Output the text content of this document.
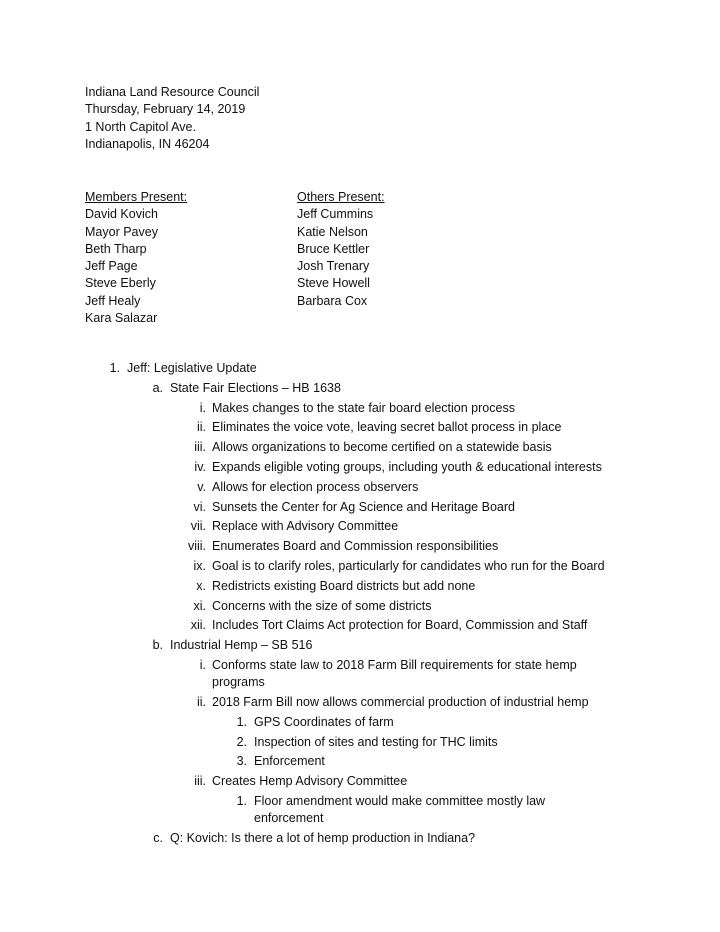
Indiana Land Resource Council
Thursday, February 14, 2019
1 North Capitol Ave.
Indianapolis, IN 46204
Members Present:
David Kovich
Mayor Pavey
Beth Tharp
Jeff Page
Steve Eberly
Jeff Healy
Kara Salazar
Others Present:
Jeff Cummins
Katie Nelson
Bruce Kettler
Josh Trenary
Steve Howell
Barbara Cox
1. Jeff: Legislative Update
a. State Fair Elections – HB 1638
i. Makes changes to the state fair board election process
ii. Eliminates the voice vote, leaving secret ballot process in place
iii. Allows organizations to become certified on a statewide basis
iv. Expands eligible voting groups, including youth & educational interests
v. Allows for election process observers
vi. Sunsets the Center for Ag Science and Heritage Board
vii. Replace with Advisory Committee
viii. Enumerates Board and Commission responsibilities
ix. Goal is to clarify roles, particularly for candidates who run for the Board
x. Redistricts existing Board districts but add none
xi. Concerns with the size of some districts
xii. Includes Tort Claims Act protection for Board, Commission and Staff
b. Industrial Hemp – SB 516
i. Conforms state law to 2018 Farm Bill requirements for state hemp
programs
ii. 2018 Farm Bill now allows commercial production of industrial hemp
1. GPS Coordinates of farm
2. Inspection of sites and testing for THC limits
3. Enforcement
iii. Creates Hemp Advisory Committee
1. Floor amendment would make committee mostly law
enforcement
c. Q: Kovich: Is there a lot of hemp production in Indiana?
